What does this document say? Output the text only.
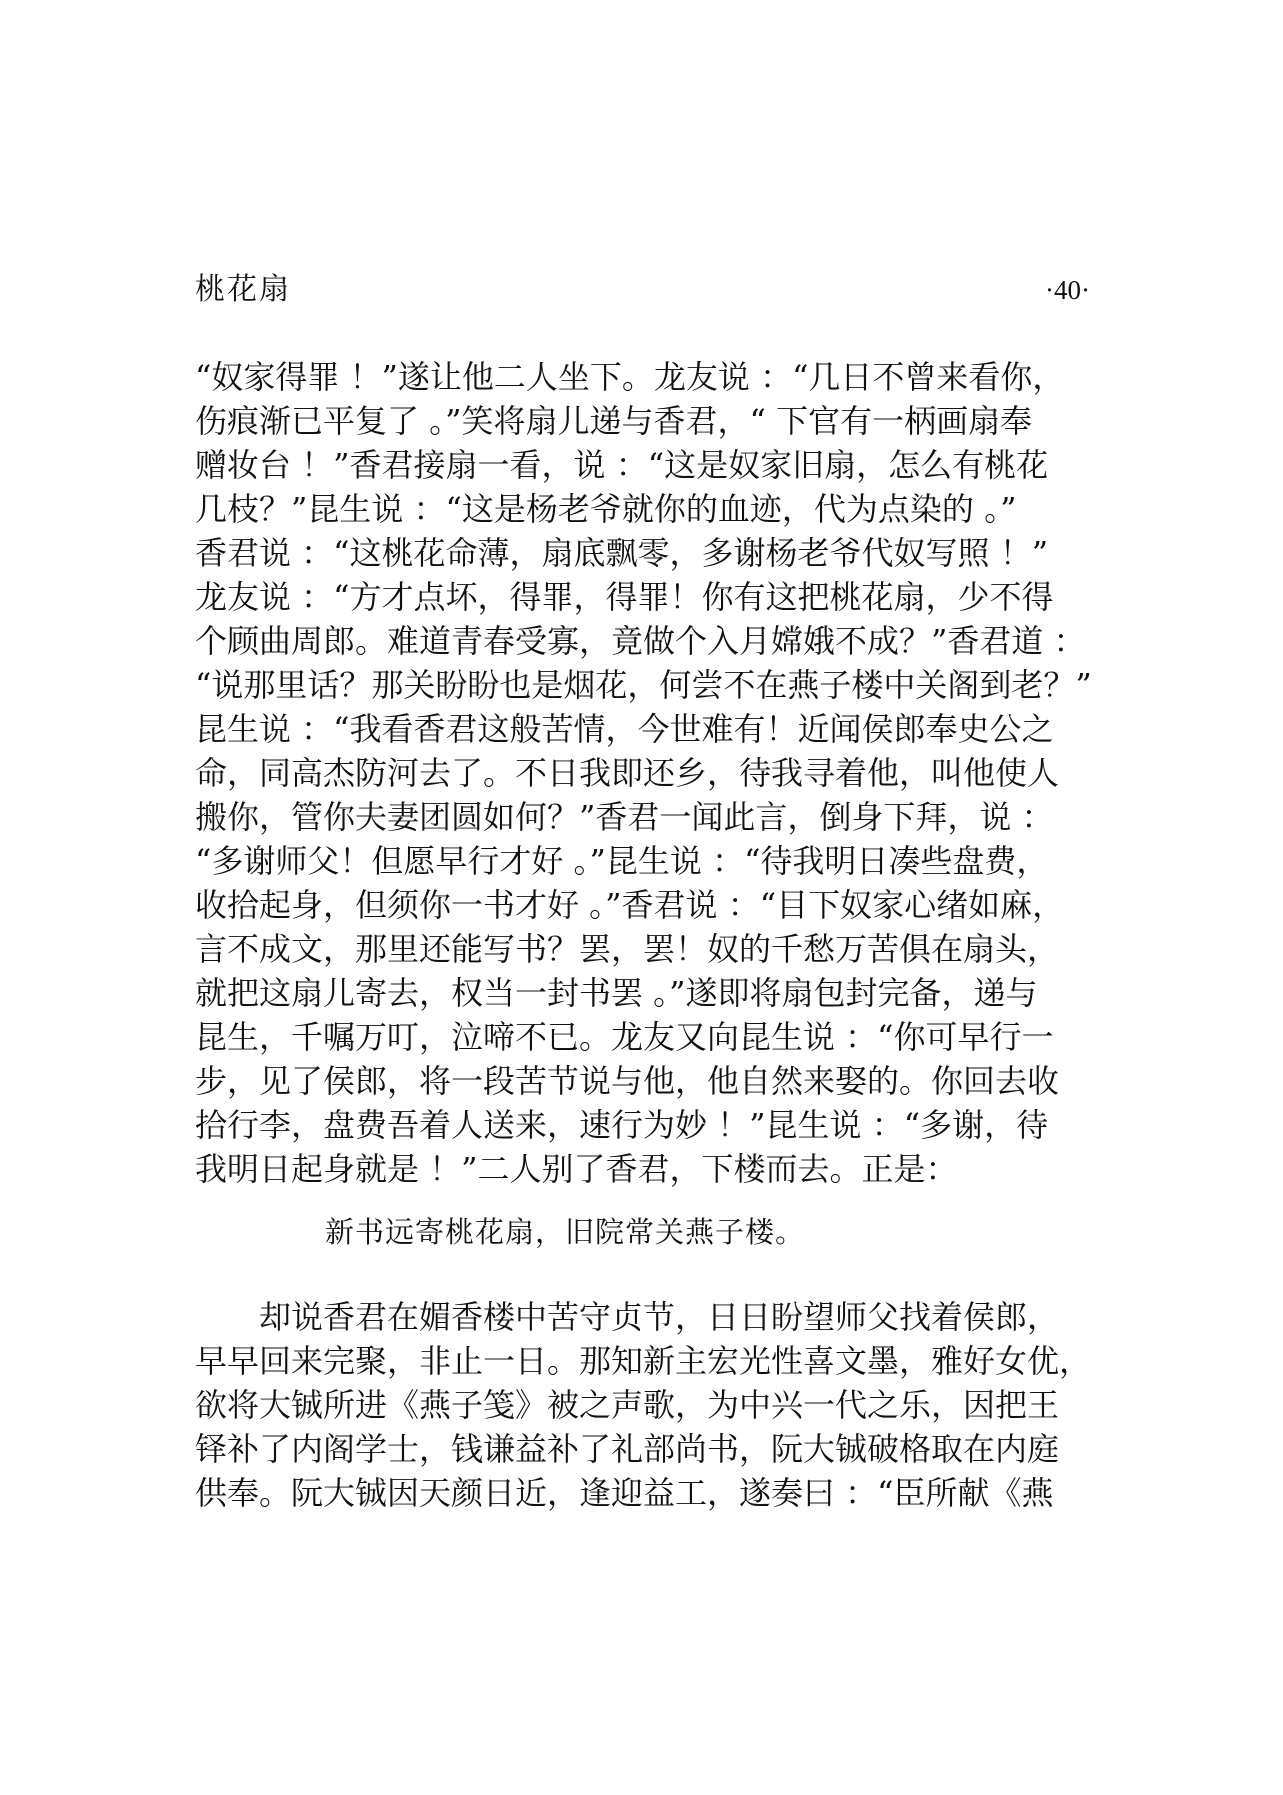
桃花扇	·40·
“奴家得罪 ！”遂让他二人坐下。龙友说 ：“几日不曾来看你，
伤痕渐已平复了 。”笑将扇儿递与香君，“ 下官有一柄画扇奉
赠妆台 ！”香君接扇一看，说 ：“这是奴家旧扇，怎么有桃花
几枝？”昆生说 ：“这是杨老爷就你的血迹，代为点染的 。”
香君说 ：“这桃花命薄，扇底飘零，多谢杨老爷代奴写照 ！”
龙友说 ：“方才点坏，得罪，得罪！你有这把桃花扇，少不得
个顾曲周郎。难道青春受寡，竟做个入月嫦娥不成？”香君道 ：
“说那里话？那关盼盼也是烟花，何尝不在燕子楼中关阁到老？”
昆生说 ：“我看香君这般苦情，今世难有！近闻侯郎奉史公之
命，同高杰防河去了。不日我即还乡，待我寻着他，叫他使人
搬你，管你夫妻团圆如何？”香君一闻此言，倒身下拜，说 ：
“多谢师父！但愿早行才好 。”昆生说 ：“待我明日凑些盘费，
收拾起身，但须你一书才好 。”香君说 ：“目下奴家心绪如麻，
言不成文，那里还能写书？罢，罢！奴的千愁万苦俱在扇头，
就把这扇儿寄去，权当一封书罢 。”遂即将扇包封完备，递与
昆生，千嘱万叮，泣啼不已。龙友又向昆生说 ：“你可早行一
步，见了侯郎，将一段苦节说与他，他自然来娶的。你回去收
拾行李，盘费吾着人送来，速行为妙 ！”昆生说 ：“多谢，待
我明日起身就是 ！”二人别了香君，下楼而去。正是：

新书远寄桃花扇，旧院常关燕子楼。

　　却说香君在媚香楼中苦守贞节，日日盼望师父找着侯郎，
早早回来完聚，非止一日。那知新主宏光性喜文墨，雅好女优，
欲将大铖所进《燕子笺》被之声歌，为中兴一代之乐，因把王
铎补了内阁学士，钱谦益补了礼部尚书，阮大铖破格取在内庭
供奉。阮大铖因天颜日近，逢迎益工，遂奏曰 ：“臣所献《燕
